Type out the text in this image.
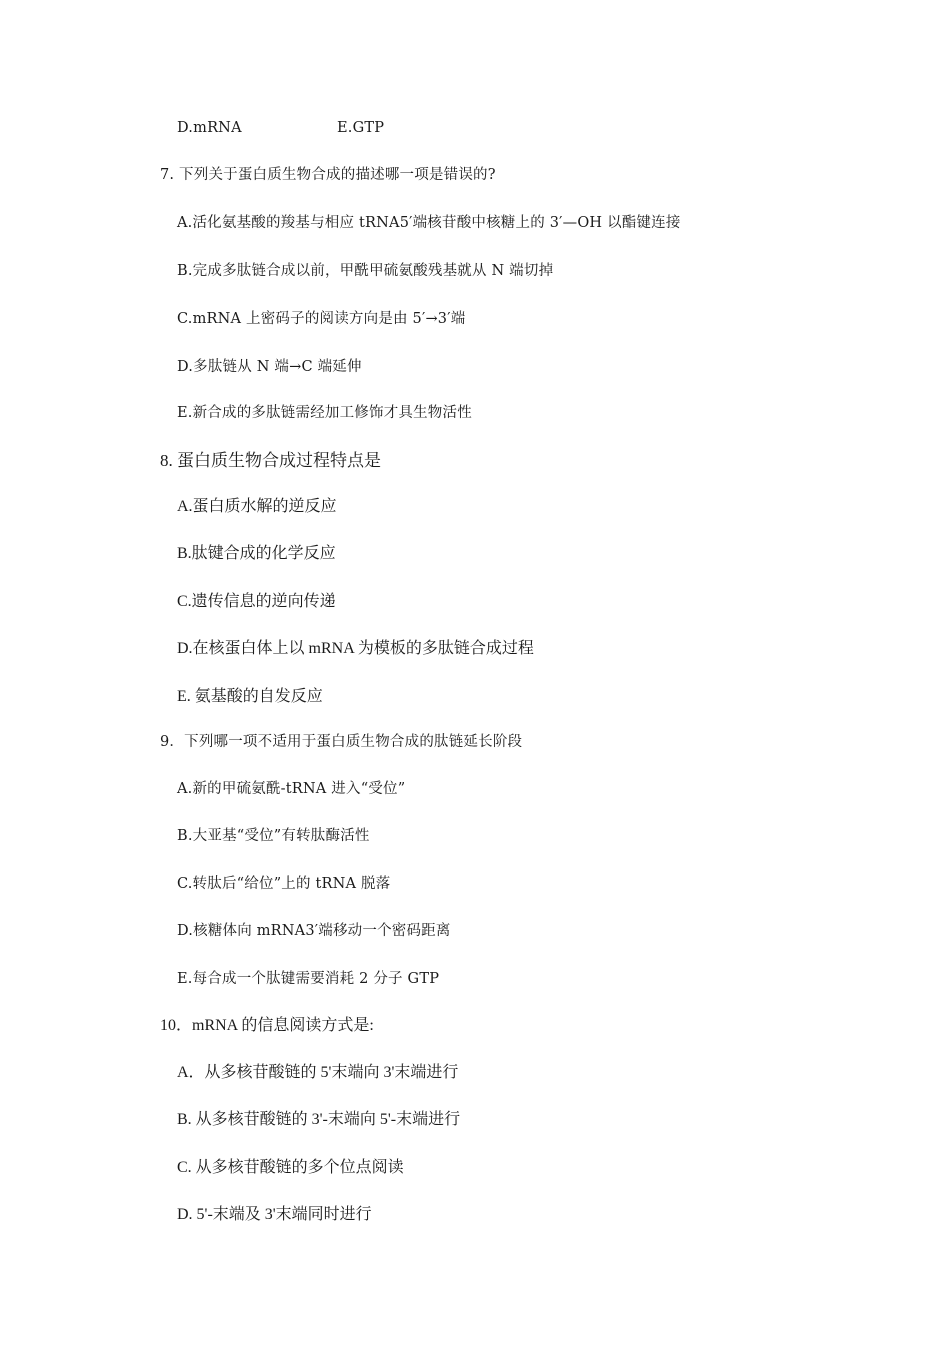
D.mRNA	E.GTP
7. 下列关于蛋白质生物合成的描述哪一项是错误的?
A.活化氨基酸的羧基与相应 tRNA5′端核苷酸中核糖上的 3′—OH 以酯键连接
B.完成多肽链合成以前，甲酰甲硫氨酸残基就从 N 端切掉
C.mRNA 上密码子的阅读方向是由 5′→3′端
D.多肽链从 N 端→C 端延伸
E.新合成的多肽链需经加工修饰才具生物活性
8. 蛋白质生物合成过程特点是
A.蛋白质水解的逆反应
B.肽键合成的化学反应
C.遗传信息的逆向传递
D.在核蛋白体上以 mRNA 为模板的多肽链合成过程
E. 氨基酸的自发反应
9．下列哪一项不适用于蛋白质生物合成的肽链延长阶段
A.新的甲硫氨酰-tRNA 进入“受位”
B.大亚基“受位”有转肽酶活性
C.转肽后“给位”上的 tRNA 脱落
D.核糖体向 mRNA3′端移动一个密码距离
E.每合成一个肽键需要消耗 2 分子 GTP
10．mRNA 的信息阅读方式是:
A．从多核苷酸链的 5'末端向 3'末端进行
B. 从多核苷酸链的 3'-末端向 5'-末端进行
C. 从多核苷酸链的多个位点阅读
D. 5'-末端及 3'末端同时进行
